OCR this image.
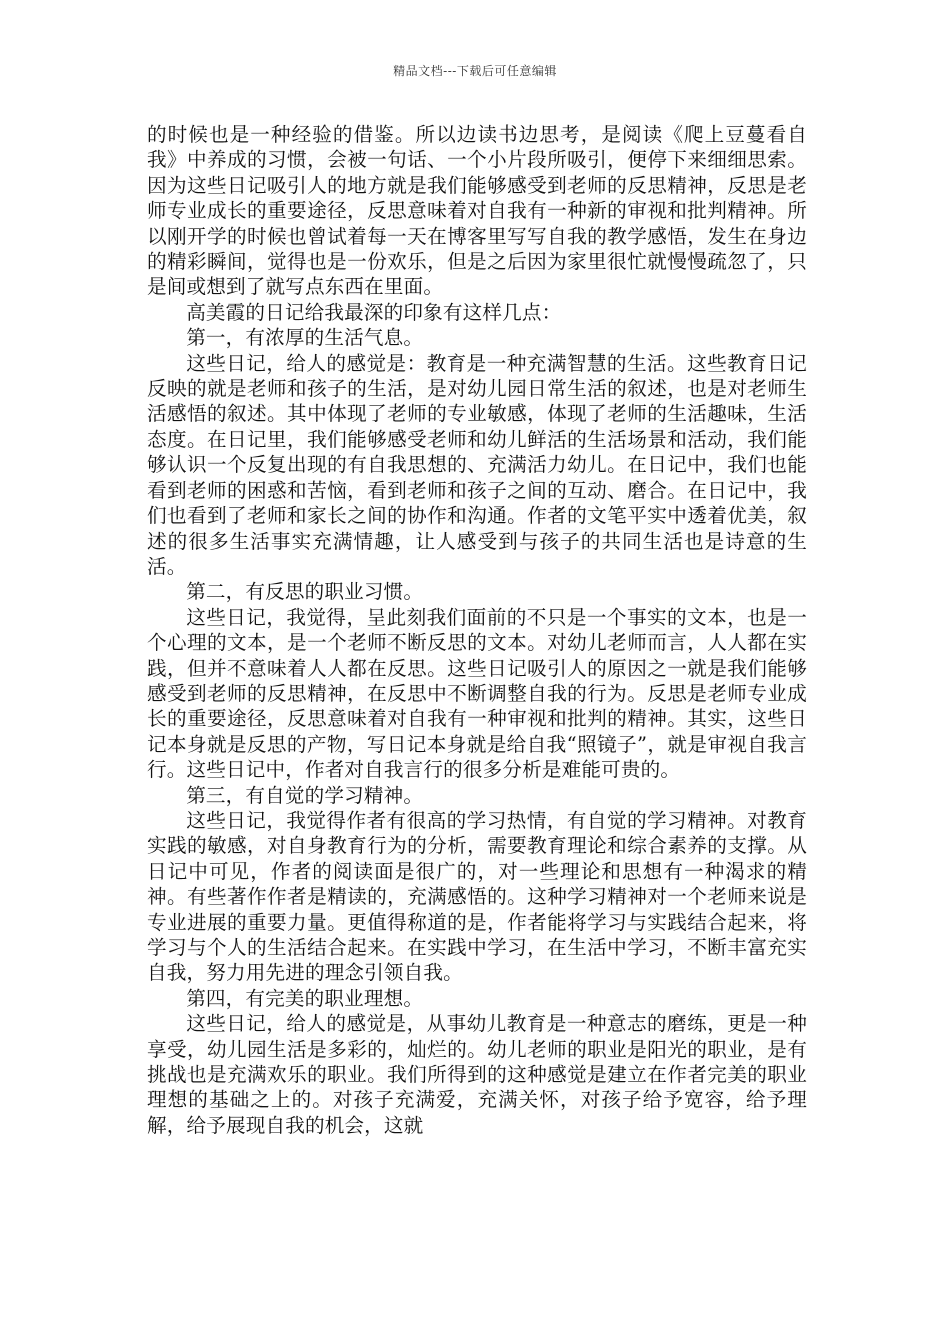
精品文档---下载后可任意编辑

的时候也是一种经验的借鉴。所以边读书边思考，是阅读《爬上豆蔓看自我》中养成的习惯，会被一句话、一个小片段所吸引，便停下来细细思索。因为这些日记吸引人的地方就是我们能够感受到老师的反思精神，反思是老师专业成长的重要途径，反思意味着对自我有一种新的审视和批判精神。所以刚开学的时候也曾试着每一天在博客里写写自我的教学感悟，发生在身边的精彩瞬间，觉得也是一份欢乐，但是之后因为家里很忙就慢慢疏忽了，只是间或想到了就写点东西在里面。

高美霞的日记给我最深的印象有这样几点：

第一，有浓厚的生活气息。

这些日记，给人的感觉是：教育是一种充满智慧的生活。这些教育日记反映的就是老师和孩子的生活，是对幼儿园日常生活的叙述，也是对老师生活感悟的叙述。其中体现了老师的专业敏感，体现了老师的生活趣味，生活态度。在日记里，我们能够感受老师和幼儿鲜活的生活场景和活动，我们能够认识一个反复出现的有自我思想的、充满活力幼儿。在日记中，我们也能看到老师的困惑和苦恼，看到老师和孩子之间的互动、磨合。在日记中，我们也看到了老师和家长之间的协作和沟通。作者的文笔平实中透着优美，叙述的很多生活事实充满情趣，让人感受到与孩子的共同生活也是诗意的生活。

第二，有反思的职业习惯。

这些日记，我觉得，呈此刻我们面前的不只是一个事实的文本，也是一个心理的文本，是一个老师不断反思的文本。对幼儿老师而言，人人都在实践，但并不意味着人人都在反思。这些日记吸引人的原因之一就是我们能够感受到老师的反思精神，在反思中不断调整自我的行为。反思是老师专业成长的重要途径，反思意味着对自我有一种审视和批判的精神。其实，这些日记本身就是反思的产物，写日记本身就是给自我“照镜子”，就是审视自我言行。这些日记中，作者对自我言行的很多分析是难能可贵的。

第三，有自觉的学习精神。

这些日记，我觉得作者有很高的学习热情，有自觉的学习精神。对教育实践的敏感，对自身教育行为的分析，需要教育理论和综合素养的支撑。从日记中可见，作者的阅读面是很广的，对一些理论和思想有一种渴求的精神。有些著作作者是精读的，充满感悟的。这种学习精神对一个老师来说是专业进展的重要力量。更值得称道的是，作者能将学习与实践结合起来，将学习与个人的生活结合起来。在实践中学习，在生活中学习，不断丰富充实自我，努力用先进的理念引领自我。

第四，有完美的职业理想。

这些日记，给人的感觉是，从事幼儿教育是一种意志的磨练，更是一种享受，幼儿园生活是多彩的，灿烂的。幼儿老师的职业是阳光的职业，是有挑战也是充满欢乐的职业。我们所得到的这种感觉是建立在作者完美的职业理想的基础之上的。对孩子充满爱，充满关怀，对孩子给予宽容，给予理解，给予展现自我的机会，这就
